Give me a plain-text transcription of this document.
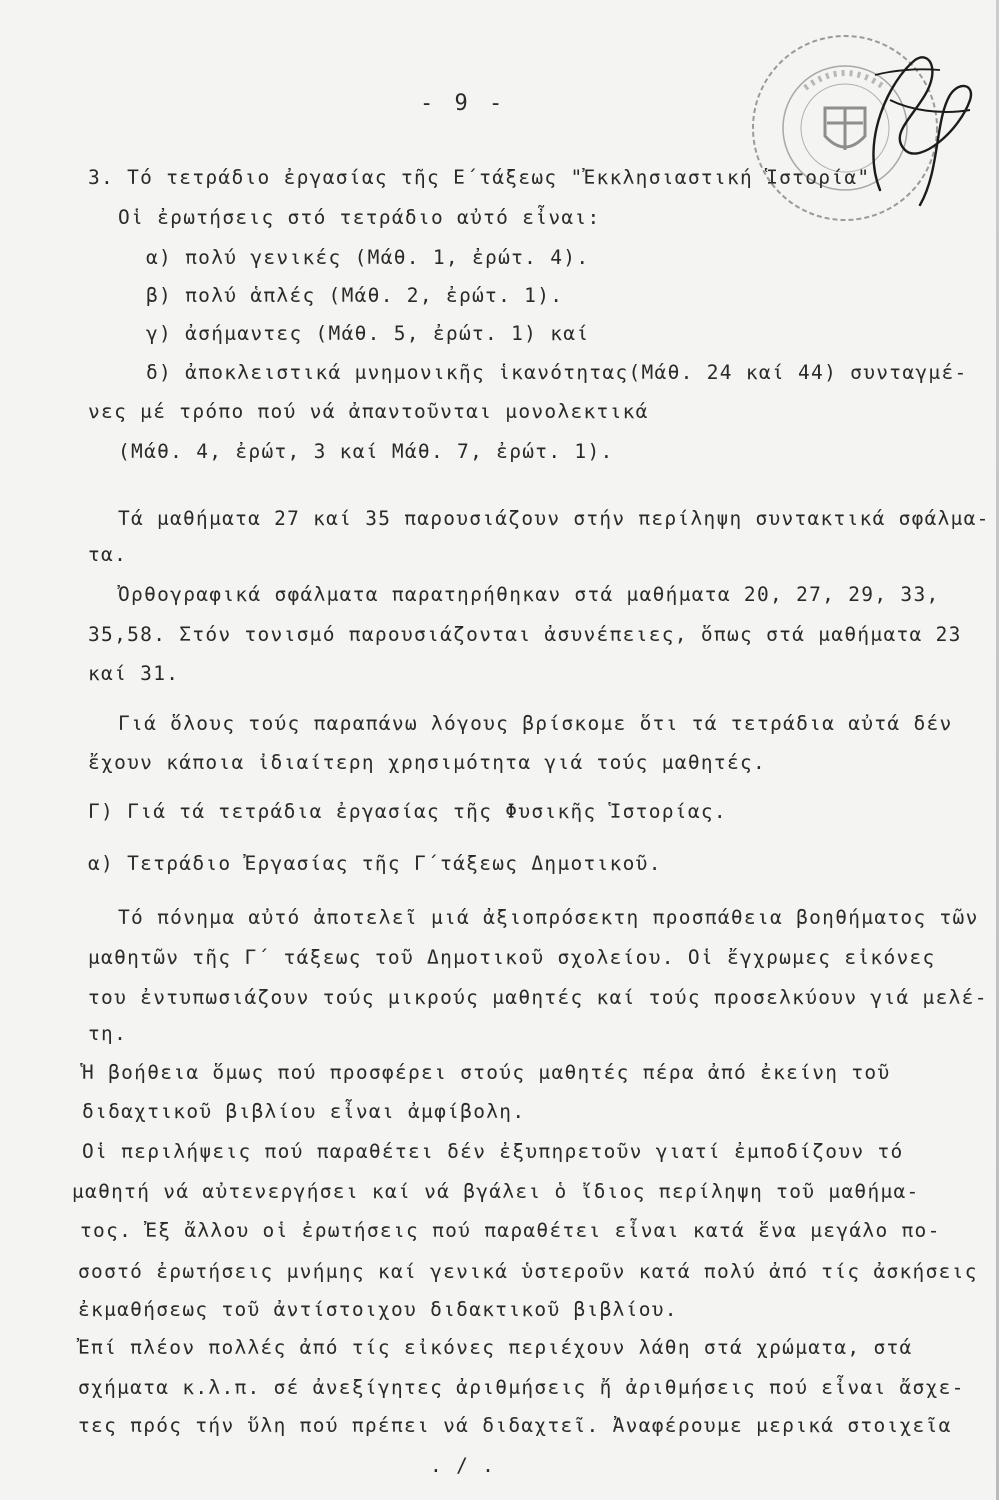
- 9 -
3. Τό τετράδιο ἐργασίας τῆς Ε΄τάξεως "Ἐκκλησιαστική Ἱστορία"
Οἱ ἐρωτήσεις στό τετράδιο αὐτό εἶναι:
α) πολύ γενικές (Μάθ. 1, ἐρώτ. 4).
β) πολύ ἁπλές (Μάθ. 2, ἐρώτ. 1).
γ) ἀσήμαντες (Μάθ. 5, ἐρώτ. 1) καί
δ) ἀποκλειστικά μνημονικῆς ἱκανότητας(Μάθ. 24 καί 44) συνταγμέ-
νες μέ τρόπο πού νά ἀπαντοῦνται μονολεκτικά
(Μάθ. 4, ἐρώτ, 3 καί Μάθ. 7, ἐρώτ. 1).
Τά μαθήματα 27 καί 35 παρουσιάζουν στήν περίληψη συντακτικά σφάλμα-
τα.
Ὀρθογραφικά σφάλματα παρατηρήθηκαν στά μαθήματα 20, 27, 29, 33,
35,58. Στόν τονισμό παρουσιάζονται ἀσυνέπειες, ὅπως στά μαθήματα 23
καί 31.
Γιά ὅλους τούς παραπάνω λόγους βρίσκομε ὅτι τά τετράδια αὐτά δέν
ἔχουν κάποια ἰδιαίτερη χρησιμότητα γιά τούς μαθητές.
Γ) Γιά τά τετράδια ἐργασίας τῆς Φυσικῆς Ἱστορίας.
α) Τετράδιο Ἐργασίας τῆς Γ΄τάξεως Δημοτικοῦ.
Τό πόνημα αὐτό ἀποτελεῖ μιά ἀξιοπρόσεκτη προσπάθεια βοηθήματος τῶν
μαθητῶν τῆς Γ΄ τάξεως τοῦ Δημοτικοῦ σχολείου. Οἱ ἔγχρωμες εἰκόνες
του ἐντυπωσιάζουν τούς μικρούς μαθητές καί τούς προσελκύουν γιά μελέ-
τη.
Ἡ βοήθεια ὅμως πού προσφέρει στούς μαθητές πέρα ἀπό ἐκείνη τοῦ
διδαχτικοῦ βιβλίου εἶναι ἀμφίβολη.
Οἱ περιλήψεις πού παραθέτει δέν ἐξυπηρετοῦν γιατί ἐμποδίζουν τό
μαθητή νά αὐτενεργήσει καί νά βγάλει ὁ ἴδιος περίληψη τοῦ μαθήμα-
τος. Ἐξ ἄλλου οἱ ἐρωτήσεις πού παραθέτει εἶναι κατά ἕνα μεγάλο πο-
σοστό ἐρωτήσεις μνήμης καί γενικά ὑστεροῦν κατά πολύ ἀπό τίς ἀσκήσεις
ἐκμαθήσεως τοῦ ἀντίστοιχου διδακτικοῦ βιβλίου.
Ἐπί πλέον πολλές ἀπό τίς εἰκόνες περιέχουν λάθη στά χρώματα, στά
σχήματα κ.λ.π. σέ ἀνεξίγητες ἀριθμήσεις ἤ ἀριθμήσεις πού εἶναι ἄσχε-
τες πρός τήν ὕλη πού πρέπει νά διδαχτεῖ. Ἀναφέρουμε μερικά στοιχεῖα
. / .
